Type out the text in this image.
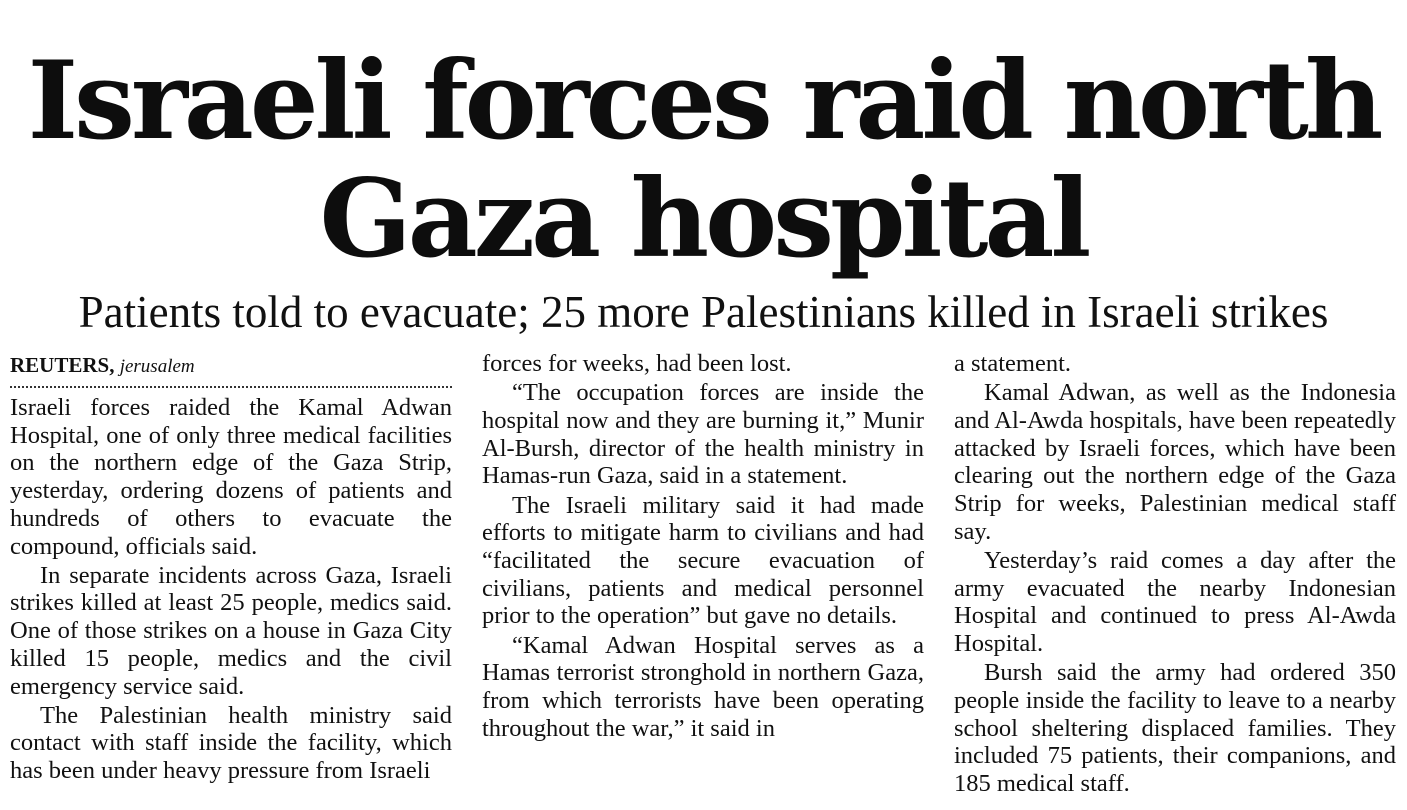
Israeli forces raid north
Gaza hospital
Patients told to evacuate; 25 more Palestinians killed in Israeli strikes
REUTERS, jerusalem

Israeli forces raided the Kamal Adwan Hospital, one of only three medical facilities on the northern edge of the Gaza Strip, yesterday, ordering dozens of patients and hundreds of others to evacuate the compound, officials said.

In separate incidents across Gaza, Israeli strikes killed at least 25 people, medics said. One of those strikes on a house in Gaza City killed 15 people, medics and the civil emergency service said.

The Palestinian health ministry said contact with staff inside the facility, which has been under heavy pressure from Israeli

forces for weeks, had been lost.

“The occupation forces are inside the hospital now and they are burning it,” Munir Al-Bursh, director of the health ministry in Hamas-run Gaza, said in a statement.

The Israeli military said it had made efforts to mitigate harm to civilians and had “facilitated the secure evacuation of civilians, patients and medical personnel prior to the operation” but gave no details.

“Kamal Adwan Hospital serves as a Hamas terrorist stronghold in northern Gaza, from which terrorists have been operating throughout the war,” it said in

a statement.

Kamal Adwan, as well as the Indonesia and Al-Awda hospitals, have been repeatedly attacked by Israeli forces, which have been clearing out the northern edge of the Gaza Strip for weeks, Palestinian medical staff say.

Yesterday’s raid comes a day after the army evacuated the nearby Indonesian Hospital and continued to press Al-Awda Hospital.

Bursh said the army had ordered 350 people inside the facility to leave to a nearby school sheltering displaced families. They included 75 patients, their companions, and 185 medical staff.
